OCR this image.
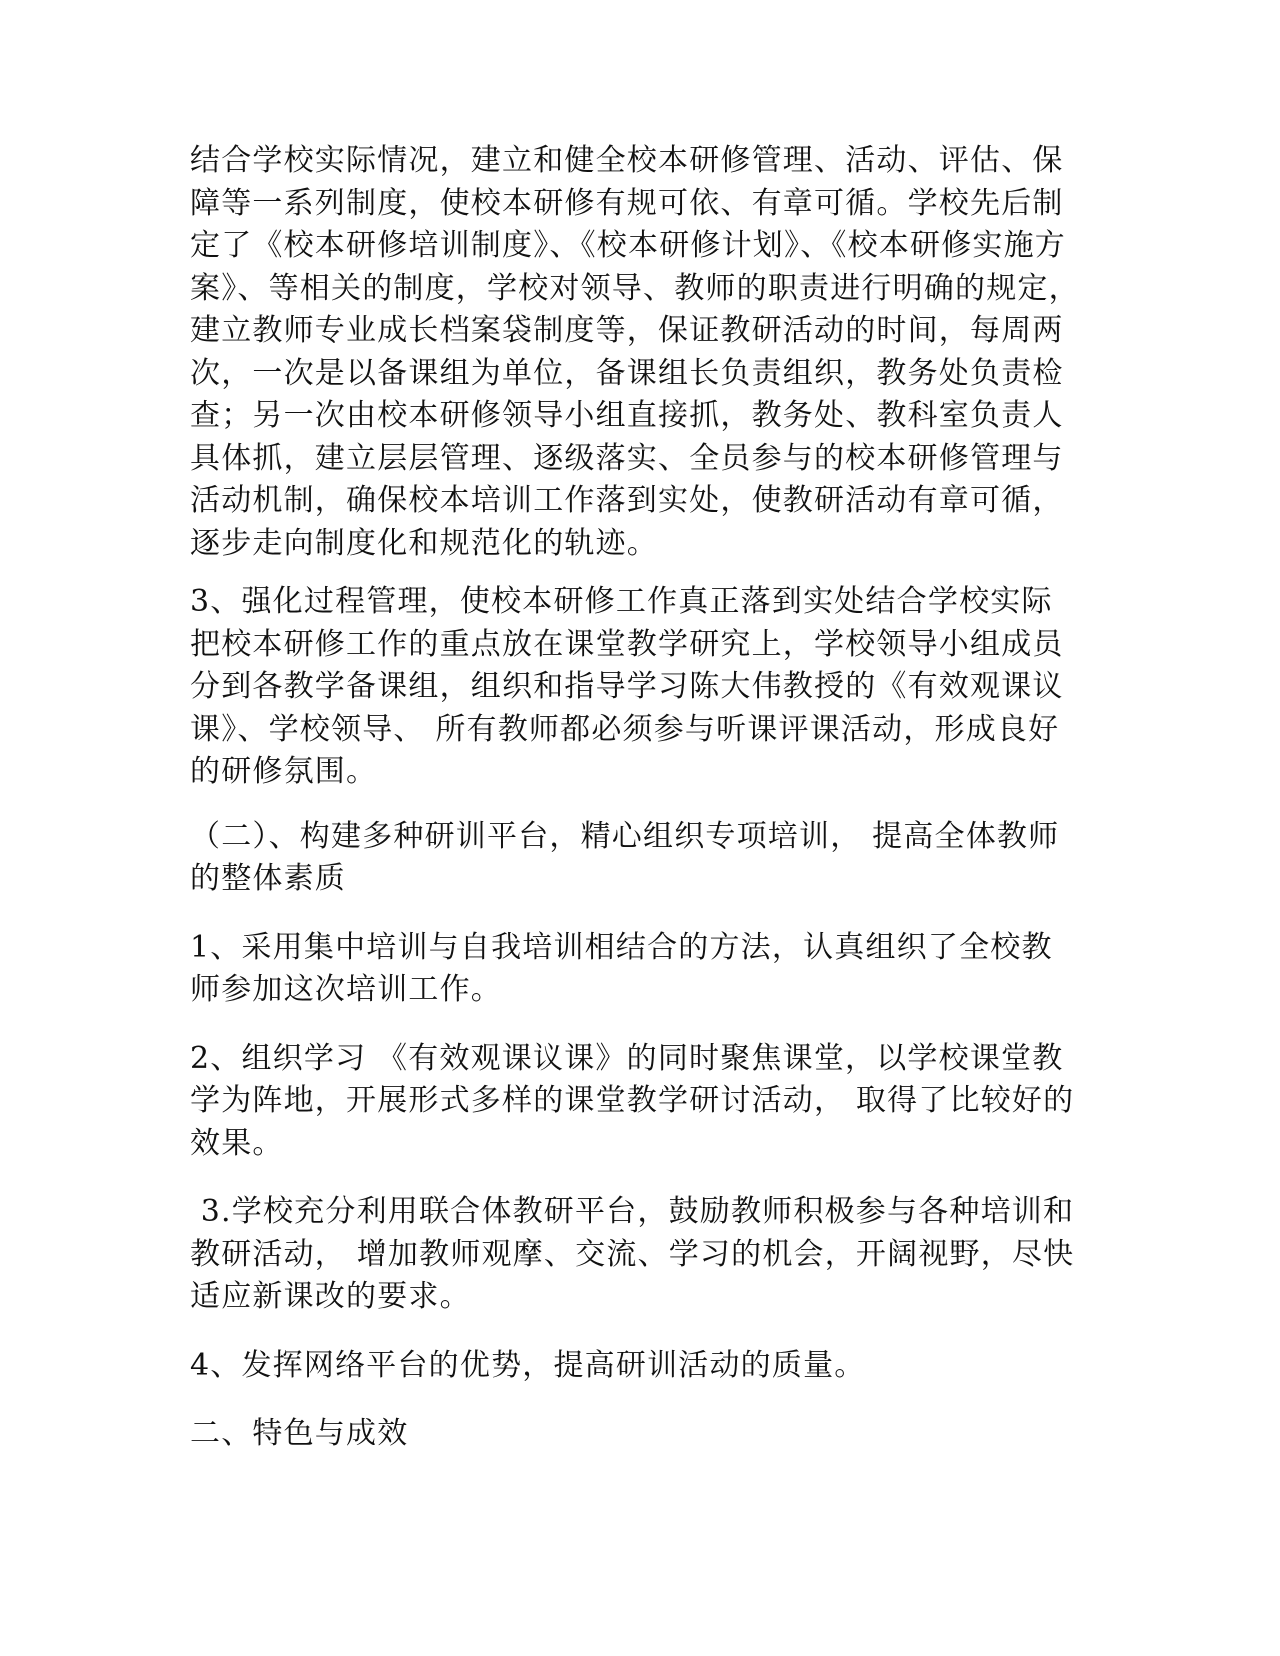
结合学校实际情况，建立和健全校本研修管理、活动、评估、保障等一系列制度，使校本研修有规可依、有章可循。学校先后制定了《校本研修培训制度》、《校本研修计划》、《校本研修实施方案》、等相关的制度，学校对领导、教师的职责进行明确的规定，建立教师专业成长档案袋制度等，保证教研活动的时间，每周两次，一次是以备课组为单位，备课组长负责组织，教务处负责检查；另一次由校本研修领导小组直接抓，教务处、教科室负责人具体抓，建立层层管理、逐级落实、全员参与的校本研修管理与活动机制，确保校本培训工作落到实处，使教研活动有章可循，逐步走向制度化和规范化的轨迹。

3、强化过程管理，使校本研修工作真正落到实处结合学校实际把校本研修工作的重点放在课堂教学研究上，学校领导小组成员分到各教学备课组，组织和指导学习陈大伟教授的《有效观课议课》、学校领导、 所有教师都必须参与听课评课活动，形成良好的研修氛围。

（二）、构建多种研训平台，精心组织专项培训， 提高全体教师的整体素质

1、采用集中培训与自我培训相结合的方法，认真组织了全校教师参加这次培训工作。

2、组织学习 《有效观课议课》的同时聚焦课堂，以学校课堂教学为阵地，开展形式多样的课堂教学研讨活动， 取得了比较好的效果。

3.学校充分利用联合体教研平台，鼓励教师积极参与各种培训和教研活动， 增加教师观摩、交流、学习的机会，开阔视野，尽快适应新课改的要求。

4、发挥网络平台的优势，提高研训活动的质量。

二、特色与成效
